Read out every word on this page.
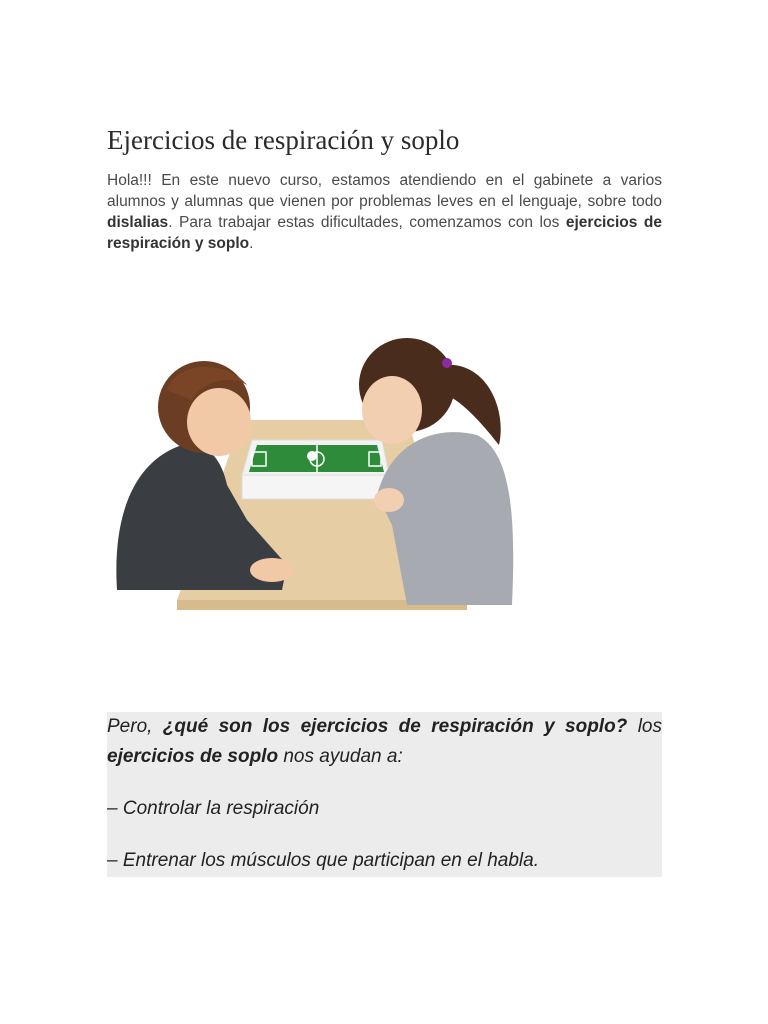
Ejercicios de respiración y soplo

Hola!!! En este nuevo curso, estamos atendiendo en el gabinete a varios alumnos y alumnas que vienen por problemas leves en el lenguaje, sobre todo dislalias. Para trabajar estas dificultades, comenzamos con los ejercicios de respiración y soplo.

Pero, ¿qué son los ejercicios de respiración y soplo? los ejercicios de soplo nos ayudan a:

– Controlar la respiración

– Entrenar los músculos que participan en el habla.
